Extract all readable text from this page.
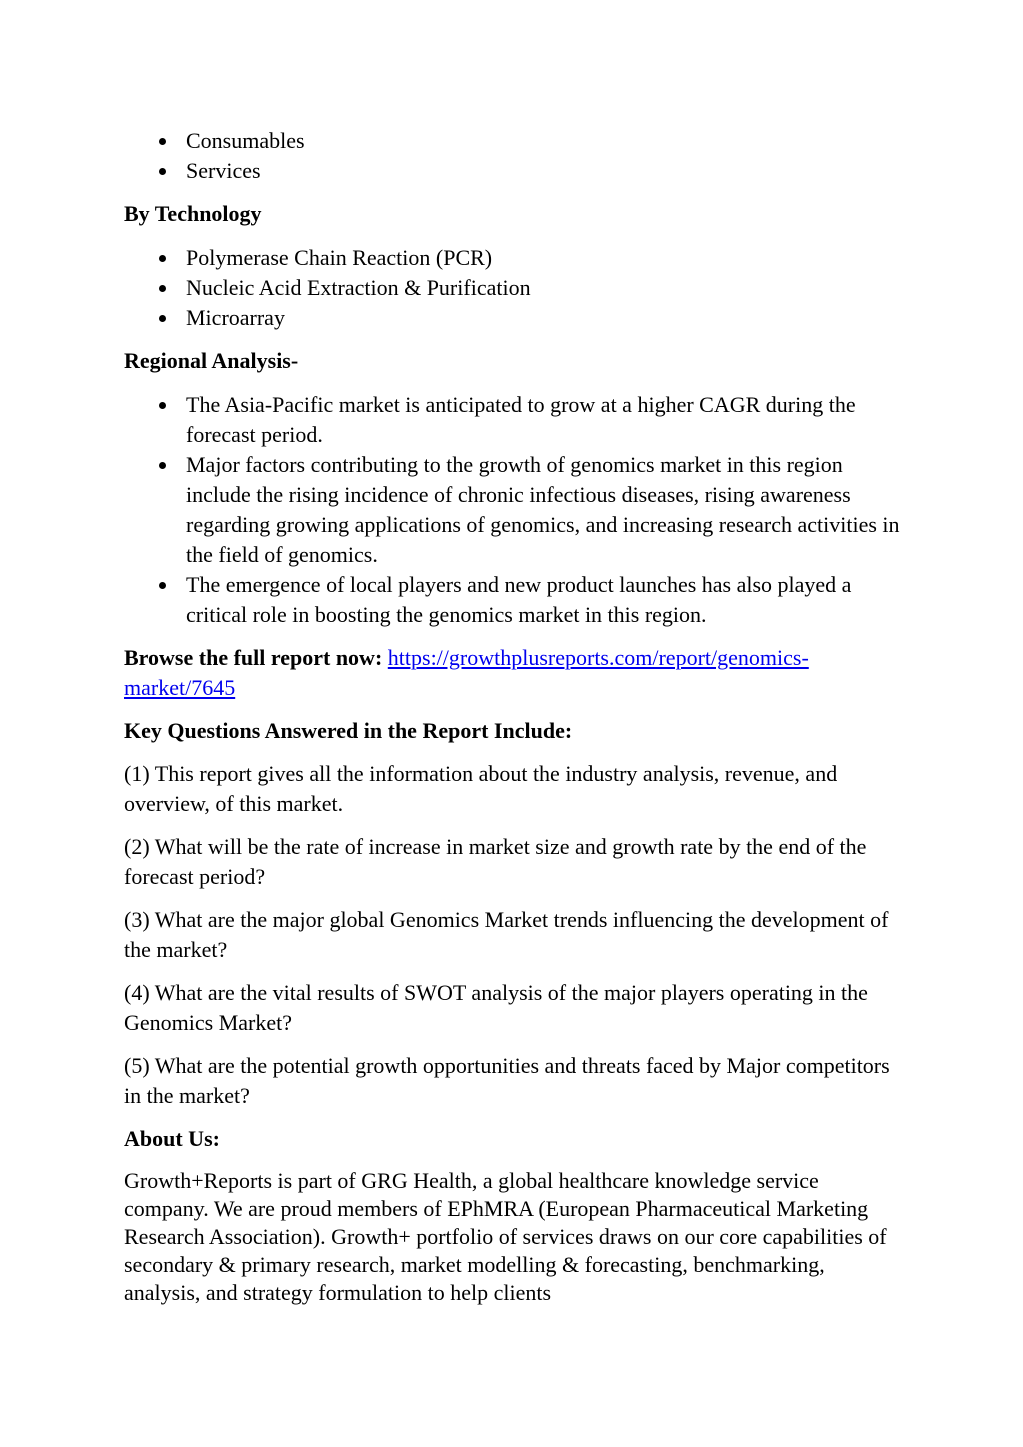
Consumables
Services

By Technology

Polymerase Chain Reaction (PCR)
Nucleic Acid Extraction & Purification
Microarray

Regional Analysis-

The Asia-Pacific market is anticipated to grow at a higher CAGR during the forecast period.
Major factors contributing to the growth of genomics market in this region include the rising incidence of chronic infectious diseases, rising awareness regarding growing applications of genomics, and increasing research activities in the field of genomics.
The emergence of local players and new product launches has also played a critical role in boosting the genomics market in this region.

Browse the full report now: https://growthplusreports.com/report/genomics-market/7645

Key Questions Answered in the Report Include:

(1) This report gives all the information about the industry analysis, revenue, and overview, of this market.

(2) What will be the rate of increase in market size and growth rate by the end of the forecast period?

(3) What are the major global Genomics Market trends influencing the development of the market?

(4) What are the vital results of SWOT analysis of the major players operating in the Genomics Market?

(5) What are the potential growth opportunities and threats faced by Major competitors in the market?

About Us:

Growth+Reports is part of GRG Health, a global healthcare knowledge service company. We are proud members of EPhMRA (European Pharmaceutical Marketing Research Association). Growth+ portfolio of services draws on our core capabilities of secondary & primary research, market modelling & forecasting, benchmarking, analysis, and strategy formulation to help clients
